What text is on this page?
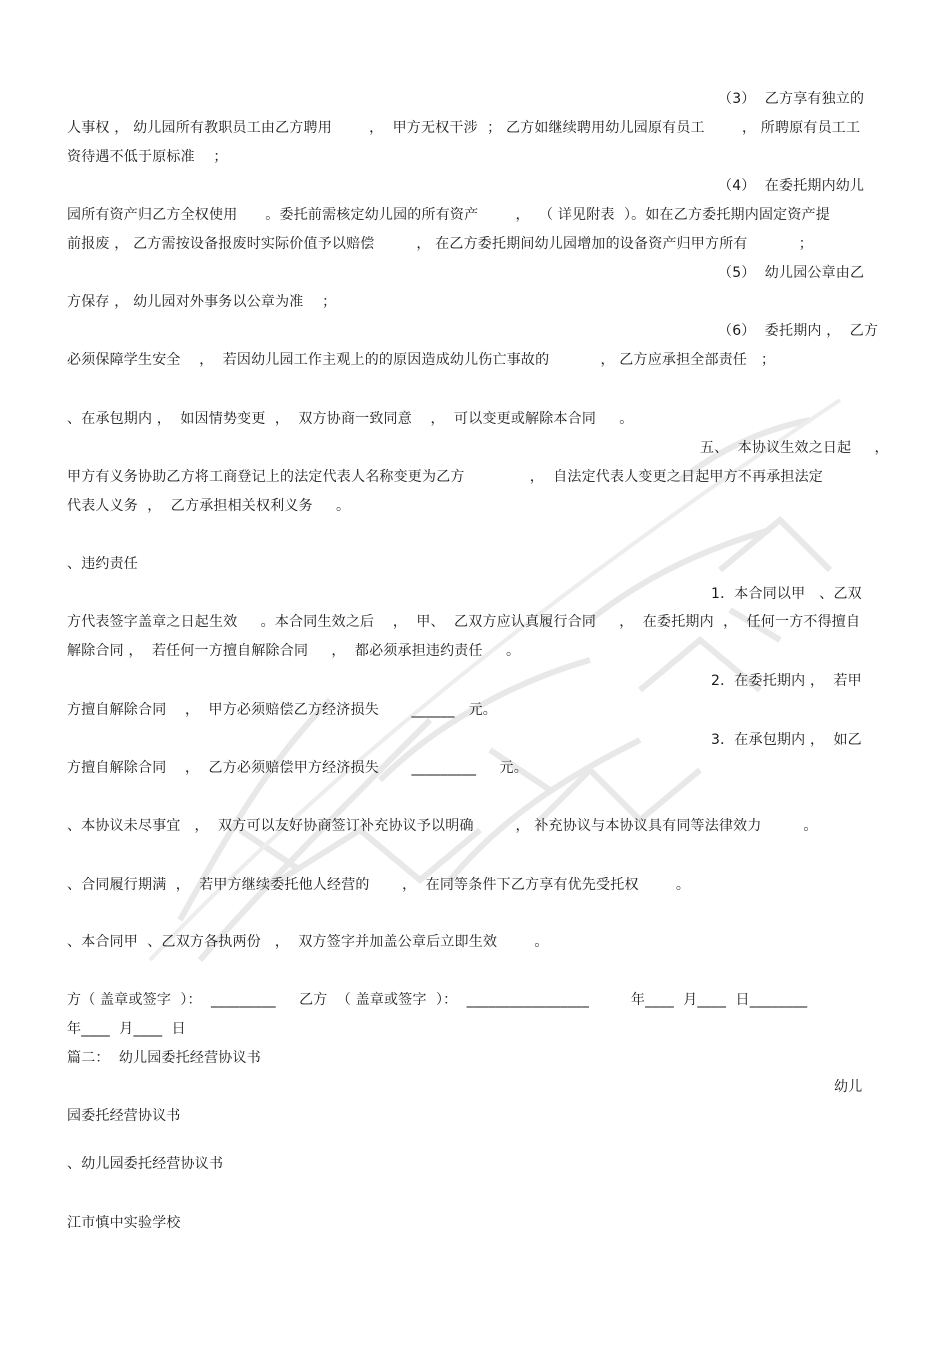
（3）  乙方享有独立的
人事权 ， 幼儿园所有教职员工由乙方聘用        ，  甲方无权干涉  ； 乙方如继续聘用幼儿园原有员工        ， 所聘原有员工工
资待遇不低于原标准    ；
（4）  在委托期内幼儿
园所有资产归乙方全权使用      。委托前需核定幼儿园的所有资产        ，  （ 详见附表  ）。如在乙方委托期内固定资产提
前报废 ， 乙方需按设备报废时实际价值予以赔偿         ， 在乙方委托期间幼儿园增加的设备资产归甲方所有           ；
（5）  幼儿园公章由乙
方保存 ， 幼儿园对外事务以公章为准    ；
（6）  委托期内 ，  乙方
必须保障学生安全    ，  若因幼儿园工作主观上的的原因造成幼儿伤亡事故的           ， 乙方应承担全部责任   ；
、在承包期内 ，  如因情势变更  ，  双方协商一致同意    ，  可以变更或解除本合同     。
五、  本协议生效之日起     ，
甲方有义务协助乙方将工商登记上的法定代表人名称变更为乙方              ，  自法定代表人变更之日起甲方不再承担法定
代表人义务  ，  乙方承担相关权利义务     。
、违约责任
1．本合同以甲   、乙双
方代表签字盖章之日起生效     。本合同生效之后    ，  甲、  乙双方应认真履行合同     ，  在委托期内  ，  任何一方不得擅自
解除合同 ，  若任何一方擅自解除合同     ，  都必须承担违约责任     。
2．在委托期内 ，  若甲
方擅自解除合同    ，  甲方必须赔偿乙方经济损失       ______   元。
3．在承包期内 ，  如乙
方擅自解除合同    ，  乙方必须赔偿甲方经济损失       _________     元。
、本协议未尽事宜   ，  双方可以友好协商签订补充协议予以明确         ， 补充协议与本协议具有同等法律效力         。
、合同履行期满  ，  若甲方继续委托他人经营的       ，  在同等条件下乙方享有优先受托权        。
、本合同甲  、乙双方各执两份   ，  双方签字并加盖公章后立即生效        。
方（ 盖章或签字  ）：  _________     乙方  （ 盖章或签字  ）：  _________________         年____  月____  日________
年____  月____  日
篇二：  幼儿园委托经营协议书
幼儿
园委托经营协议书
、幼儿园委托经营协议书
江市慎中实验学校
